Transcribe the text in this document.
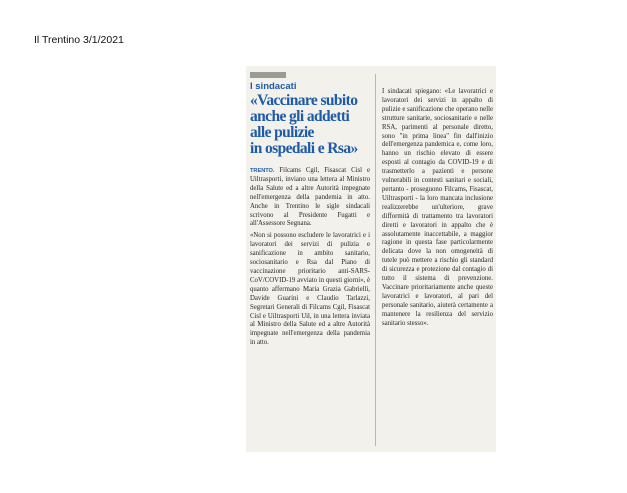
Il Trentino 3/1/2021
I sindacati
«Vaccinare subito
anche gli addetti
alle pulizie
in ospedali e Rsa»

TRENTO. Filcams Cgil, Fisascat Cisl e Uiltrasporti, inviano una lettera al Ministro della Salute ed a altre Autorità impegnate nell'emergenza della pandemia in atto. Anche in Trentino le sigle sindacali scrivono al Presidente Fugatti e all'Assessore Segnana.

«Non si possono escludere le lavoratrici e i lavoratori dei servizi di pulizia e sanificazione in ambito sanitario, sociosanitario e Rsa dal Piano di vaccinazione prioritario anti-SARS-CoV/COVID-19 avviato in questi giorni», è quanto affermano Maria Grazia Gabrielli, Davide Guarini e Claudio Tarlazzi, Segretari Generali di Filcams Cgil, Fisascat Cisl e Uiltrasporti Uil, in una lettera inviata al Ministro della Salute ed a altre Autorità impegnate nell'emergenza della pandemia in atto.

I sindacati spiegano: «Le lavoratrici e lavoratori dei servizi in appalto di pulizie e sanificazione che operano nelle strutture sanitarie, sociosanitarie e nelle RSA, parimenti al personale diretto, sono "in prima linea" fin dall'inizio dell'emergenza pandemica e, come loro, hanno un rischio elevato di essere esposti al contagio da COVID-19 e di trasmetterlo a pazienti e persone vulnerabili in contesti sanitari e sociali, pertanto - proseguono Filcams, Fisascat, Uiltrasporti - la loro mancata inclusione realizzerebbe un'ulteriore, grave difformità di trattamento tra lavoratori diretti e lavoratori in appalto che è assolutamente inaccettabile, a maggior ragione in questa fase particolarmente delicata dove la non omogeneità di tutele può mettere a rischio gli standard di sicurezza e protezione dal contagio di tutto il sistema di prevenzione. Vaccinare prioritariamente anche queste lavoratrici e lavoratori, al pari del personale sanitario, aiuterà certamente a mantenere la resilienza del servizio sanitario stesso».
